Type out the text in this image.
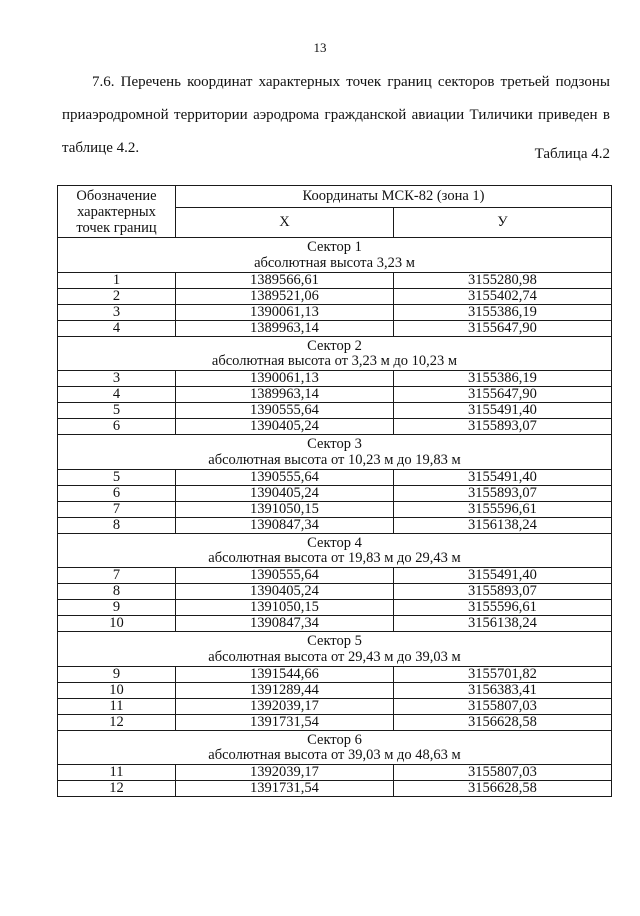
13

7.6. Перечень координат характерных точек границ секторов третьей подзоны приаэродромной территории аэродрома гражданской авиации Тиличики приведен в таблице 4.2.	Таблица 4.2
Обозначение характерных точек границ	Координаты МСК-82 (зона 1)	
	Х	У
Сектор 1		
абсолютная высота 3,23 м		
1	1389566,61	3155280,98
2	1389521,06	3155402,74
3	1390061,13	3155386,19
4	1389963,14	3155647,90
Сектор 2		
абсолютная высота от 3,23 м до 10,23 м		
3	1390061,13	3155386,19
4	1389963,14	3155647,90
5	1390555,64	3155491,40
6	1390405,24	3155893,07
Сектор 3		
абсолютная высота от 10,23 м до 19,83 м		
5	1390555,64	3155491,40
6	1390405,24	3155893,07
7	1391050,15	3155596,61
8	1390847,34	3156138,24
Сектор 4		
абсолютная высота от 19,83 м до 29,43 м		
7	1390555,64	3155491,40
8	1390405,24	3155893,07
9	1391050,15	3155596,61
10	1390847,34	3156138,24
Сектор 5		
абсолютная высота от 29,43 м до 39,03 м		
9	1391544,66	3155701,82
10	1391289,44	3156383,41
11	1392039,17	3155807,03
12	1391731,54	3156628,58
Сектор 6		
абсолютная высота от 39,03 м до 48,63 м		
11	1392039,17	3155807,03
12	1391731,54	3156628,58
